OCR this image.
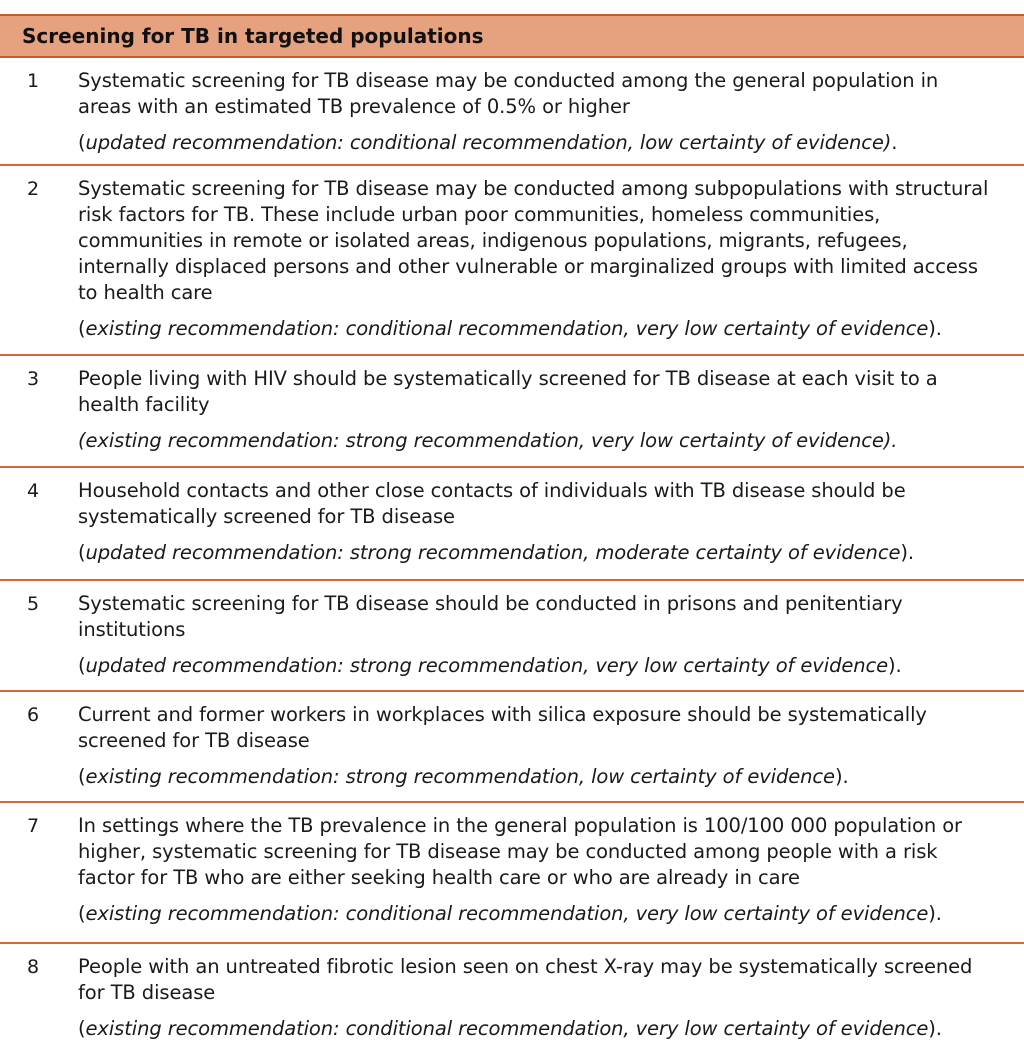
Screening for TB in targeted populations
1 Systematic screening for TB disease may be conducted among the general population in areas with an estimated TB prevalence of 0.5% or higher
(updated recommendation: conditional recommendation, low certainty of evidence).
2 Systematic screening for TB disease may be conducted among subpopulations with structural risk factors for TB. These include urban poor communities, homeless communities, communities in remote or isolated areas, indigenous populations, migrants, refugees, internally displaced persons and other vulnerable or marginalized groups with limited access to health care
(existing recommendation: conditional recommendation, very low certainty of evidence).
3 People living with HIV should be systematically screened for TB disease at each visit to a health facility
(existing recommendation: strong recommendation, very low certainty of evidence).
4 Household contacts and other close contacts of individuals with TB disease should be systematically screened for TB disease
(updated recommendation: strong recommendation, moderate certainty of evidence).
5 Systematic screening for TB disease should be conducted in prisons and penitentiary institutions
(updated recommendation: strong recommendation, very low certainty of evidence).
6 Current and former workers in workplaces with silica exposure should be systematically screened for TB disease
(existing recommendation: strong recommendation, low certainty of evidence).
7 In settings where the TB prevalence in the general population is 100/100 000 population or higher, systematic screening for TB disease may be conducted among people with a risk factor for TB who are either seeking health care or who are already in care
(existing recommendation: conditional recommendation, very low certainty of evidence).
8 People with an untreated fibrotic lesion seen on chest X-ray may be systematically screened for TB disease
(existing recommendation: conditional recommendation, very low certainty of evidence).
